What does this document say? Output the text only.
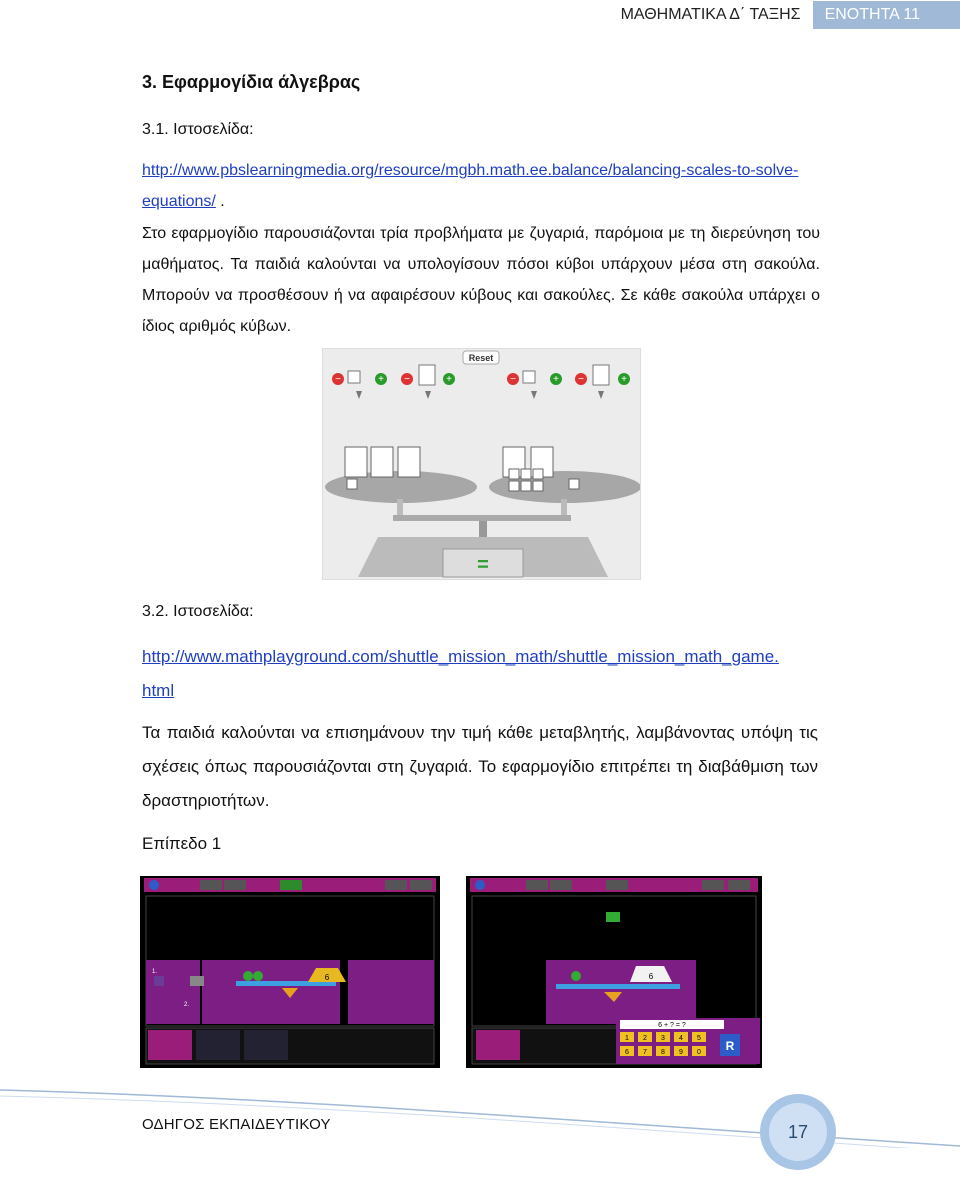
ΜΑΘΗΜΑΤΙΚΑ Δ΄ ΤΑΞΗΣ	ΕΝΟΤΗΤΑ 11
3. Εφαρμογίδια άλγεβρας
3.1. Ιστοσελίδα:
http://www.pbslearningmedia.org/resource/mgbh.math.ee.balance/balancing-scales-to-solve-
equations/ .
Στο εφαρμογίδιο παρουσιάζονται τρία προβλήματα με ζυγαριά, παρόμοια με τη διερεύνηση του μαθήματος. Τα παιδιά καλούνται να υπολογίσουν πόσοι κύβοι υπάρχουν μέσα στη σακούλα. Μπορούν να προσθέσουν ή να αφαιρέσουν κύβους και σακούλες. Σε κάθε σακούλα υπάρχει ο ίδιος αριθμός κύβων.
Reset
−	+ −	+	−	+ −	+
=
3.2. Ιστοσελίδα:
http://www.mathplayground.com/shuttle_mission_math/shuttle_mission_math_game.
html
Τα παιδιά καλούνται να επισημάνουν την τιμή κάθε μεταβλητής, λαμβάνοντας υπόψη τις σχέσεις όπως παρουσιάζονται στη ζυγαριά. Το εφαρμογίδιο επιτρέπει τη διαβάθμιση των δραστηριοτήτων.
Επίπεδο 1
1.
2.
6	6
6 + ? = ?
1 2 3 4 5
6 7 8 9 0 R
ΟΔΗΓΟΣ ΕΚΠΑΙΔΕΥΤΙΚΟΥ	17
